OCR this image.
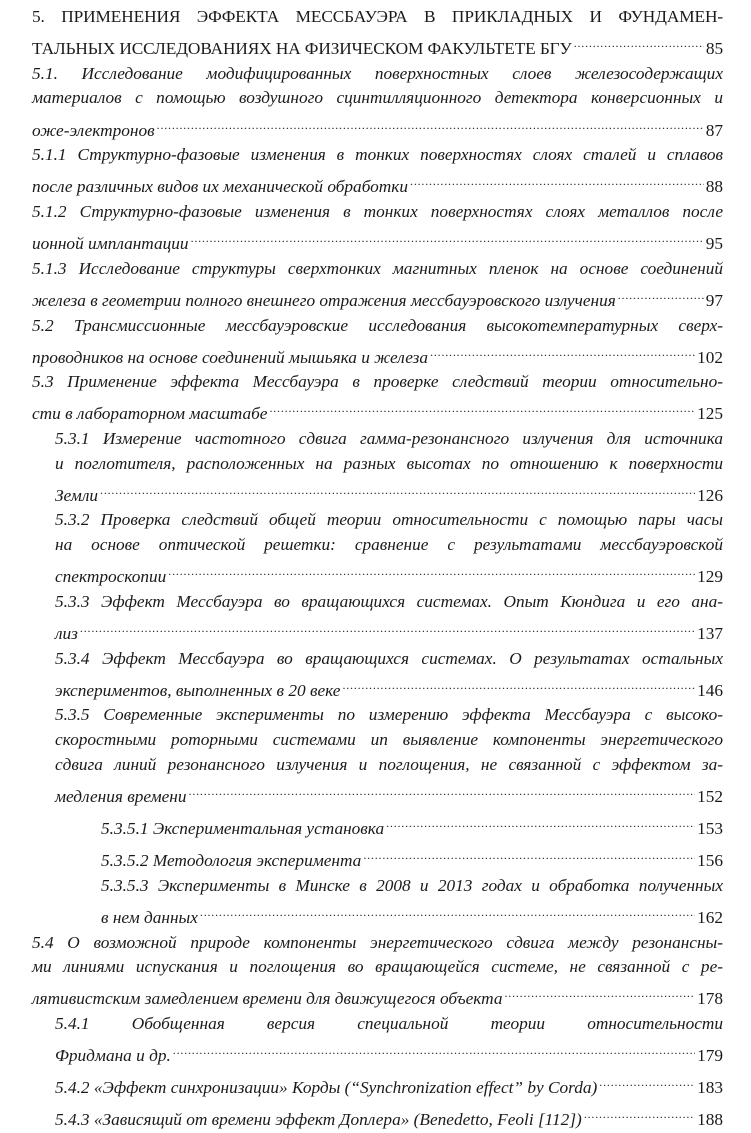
5. ПРИМЕНЕНИЯ ЭФФЕКТА МЕССБАУЭРА В ПРИКЛАДНЫХ И ФУНДАМЕН-
ТАЛЬНЫХ ИССЛЕДОВАНИЯХ НА ФИЗИЧЕСКОМ ФАКУЛЬТЕТЕ БГУ .....	85
5.1. Исследование модифицированных поверхностных слоев железосодержащих
материалов с помощью воздушного сцинтилляционного детектора конверсионных и
оже-электронов .....	87
5.1.1 Структурно-фазовые изменения в тонких поверхностях слоях сталей и сплавов
после различных видов их механической обработки .....	88
5.1.2 Структурно-фазовые изменения в тонких поверхностях слоях металлов после
ионной имплантации .....	95
5.1.3 Исследование структуры сверхтонких магнитных пленок на основе соединений
железа в геометрии полного внешнего отражения мессбауэровского излучения .....	97
5.2 Трансмиссионные мессбауэровские исследования высокотемпературных сверх-
проводников на основе соединений мышьяка и железа .....	102
5.3 Применение эффекта Мессбауэра в проверке следствий теории относительно-
сти в лабораторном масштабе .....	125
5.3.1 Измерение частотного сдвига гамма-резонансного излучения для источника
и поглотителя, расположенных на разных высотах по отношению к поверхности
Земли .....	126
5.3.2 Проверка следствий общей теории относительности с помощью пары часы
на основе оптической решетки: сравнение с результатами мессбауэровской
спектроскопии .....	129
5.3.3 Эффект Мессбауэра во вращающихся системах. Опыт Кюндига и его ана-
лиз .....	137
5.3.4 Эффект Мессбауэра во вращающихся системах. О результатах остальных
экспериментов, выполненных в 20 веке .....	146
5.3.5 Современные эксперименты по измерению эффекта Мессбауэра с высоко-
скоростными роторными системами ип выявление компоненты энергетического
сдвига линий резонансного излучения и поглощения, не связанной с эффектом за-
медления времени .....	152
5.3.5.1 Экспериментальная установка .....	153
5.3.5.2 Методология эксперимента .....	156
5.3.5.3 Эксперименты в Минске в 2008 и 2013 годах и обработка полученных
в нем данных .....	162
5.4 О возможной природе компоненты энергетического сдвига между резонансны-
ми линиями испускания и поглощения во вращающейся системе, не связанной с ре-
лятивистским замедлением времени для движущегося объекта .....	178
5.4.1 Обобщенная версия специальной теории относительности
Фридмана и др. .....	179
5.4.2 «Эффект синхронизации» Корды (“Synchronization effect” by Corda) .....	183
5.4.3 «Зависящий от времени эффект Доплера» (Benedetto, Feoli [112]) .....	188
